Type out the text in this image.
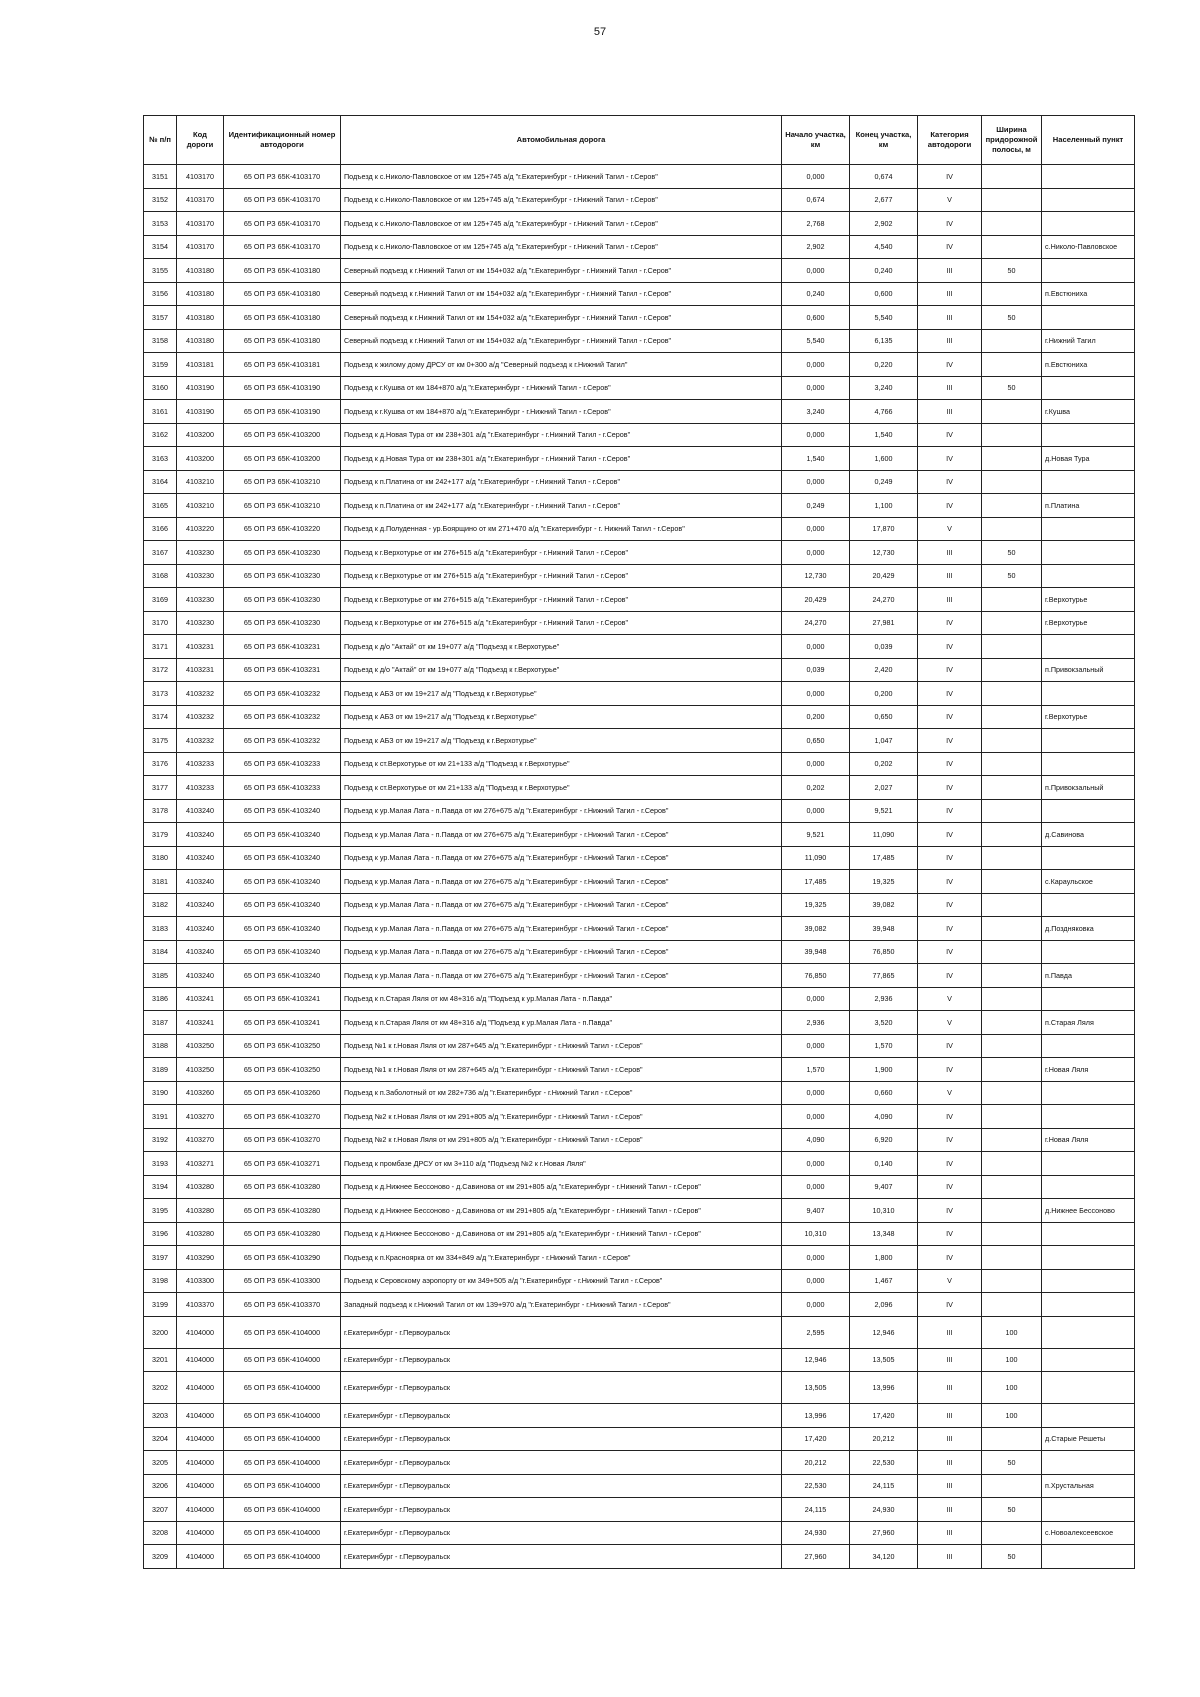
57
№ п/п	Код дороги	Идентификационный номер автодороги	Автомобильная дорога	Начало участка, км	Конец участка, км	Категория автодороги	Ширина придорожной полосы, м	Населенный пункт
3151	4103170	65 ОП РЗ 65К-4103170	Подъезд к с.Николо-Павловское от км 125+745 а/д "г.Екатеринбург - г.Нижний Тагил - г.Серов"	0,000	0,674	IV		
3152	4103170	65 ОП РЗ 65К-4103170	Подъезд к с.Николо-Павловское от км 125+745 а/д "г.Екатеринбург - г.Нижний Тагил - г.Серов"	0,674	2,677	V		
3153	4103170	65 ОП РЗ 65К-4103170	Подъезд к с.Николо-Павловское от км 125+745 а/д "г.Екатеринбург - г.Нижний Тагил - г.Серов"	2,768	2,902	IV		
3154	4103170	65 ОП РЗ 65К-4103170	Подъезд к с.Николо-Павловское от км 125+745 а/д "г.Екатеринбург - г.Нижний Тагил - г.Серов"	2,902	4,540	IV		с.Николо-Павловское
3155	4103180	65 ОП РЗ 65К-4103180	Северный подъезд к г.Нижний Тагил от км 154+032 а/д "г.Екатеринбург - г.Нижний Тагил - г.Серов"	0,000	0,240	III	50	
3156	4103180	65 ОП РЗ 65К-4103180	Северный подъезд к г.Нижний Тагил от км 154+032 а/д "г.Екатеринбург - г.Нижний Тагил - г.Серов"	0,240	0,600	III		п.Евстюниха
3157	4103180	65 ОП РЗ 65К-4103180	Северный подъезд к г.Нижний Тагил от км 154+032 а/д "г.Екатеринбург - г.Нижний Тагил - г.Серов"	0,600	5,540	III	50	
3158	4103180	65 ОП РЗ 65К-4103180	Северный подъезд к г.Нижний Тагил от км 154+032 а/д "г.Екатеринбург - г.Нижний Тагил - г.Серов"	5,540	6,135	III		г.Нижний Тагил
3159	4103181	65 ОП РЗ 65К-4103181	Подъезд к жилому дому ДРСУ от км 0+300 а/д "Северный подъезд к г.Нижний Тагил"	0,000	0,220	IV		п.Евстюниха
3160	4103190	65 ОП РЗ 65К-4103190	Подъезд к г.Кушва от км 184+870 а/д "г.Екатеринбург - г.Нижний Тагил - г.Серов"	0,000	3,240	III	50	
3161	4103190	65 ОП РЗ 65К-4103190	Подъезд к г.Кушва от км 184+870 а/д "г.Екатеринбург - г.Нижний Тагил - г.Серов"	3,240	4,766	III		г.Кушва
3162	4103200	65 ОП РЗ 65К-4103200	Подъезд к д.Новая Тура от км 238+301 а/д "г.Екатеринбург - г.Нижний Тагил - г.Серов"	0,000	1,540	IV		
3163	4103200	65 ОП РЗ 65К-4103200	Подъезд к д.Новая Тура от км 238+301 а/д "г.Екатеринбург - г.Нижний Тагил - г.Серов"	1,540	1,600	IV		д.Новая Тура
3164	4103210	65 ОП РЗ 65К-4103210	Подъезд к п.Платина от км 242+177 а/д "г.Екатеринбург - г.Нижний Тагил - г.Серов"	0,000	0,249	IV		
3165	4103210	65 ОП РЗ 65К-4103210	Подъезд к п.Платина от км 242+177 а/д "г.Екатеринбург - г.Нижний Тагил - г.Серов"	0,249	1,100	IV		п.Платина
3166	4103220	65 ОП РЗ 65К-4103220	Подъезд к д.Полуденная - ур.Боярщино от км 271+470 а/д "г.Екатеринбург - г. Нижний Тагил - г.Серов"	0,000	17,870	V		
3167	4103230	65 ОП РЗ 65К-4103230	Подъезд к г.Верхотурье от км 276+515 а/д "г.Екатеринбург - г.Нижний Тагил - г.Серов"	0,000	12,730	III	50	
3168	4103230	65 ОП РЗ 65К-4103230	Подъезд к г.Верхотурье от км 276+515 а/д "г.Екатеринбург - г.Нижний Тагил - г.Серов"	12,730	20,429	III	50	
3169	4103230	65 ОП РЗ 65К-4103230	Подъезд к г.Верхотурье от км 276+515 а/д "г.Екатеринбург - г.Нижний Тагил - г.Серов"	20,429	24,270	III		г.Верхотурье
3170	4103230	65 ОП РЗ 65К-4103230	Подъезд к г.Верхотурье от км 276+515 а/д "г.Екатеринбург - г.Нижний Тагил - г.Серов"	24,270	27,981	IV		г.Верхотурье
3171	4103231	65 ОП РЗ 65К-4103231	Подъезд к д/о "Актай" от км 19+077 а/д "Подъезд к г.Верхотурье"	0,000	0,039	IV		
3172	4103231	65 ОП РЗ 65К-4103231	Подъезд к д/о "Актай" от км 19+077 а/д "Подъезд к г.Верхотурье"	0,039	2,420	IV		п.Привокзальный
3173	4103232	65 ОП РЗ 65К-4103232	Подъезд к АБЗ от км 19+217 а/д "Подъезд к г.Верхотурье"	0,000	0,200	IV		
3174	4103232	65 ОП РЗ 65К-4103232	Подъезд к АБЗ от км 19+217 а/д "Подъезд к г.Верхотурье"	0,200	0,650	IV		г.Верхотурье
3175	4103232	65 ОП РЗ 65К-4103232	Подъезд к АБЗ от км 19+217 а/д "Подъезд к г.Верхотурье"	0,650	1,047	IV		
3176	4103233	65 ОП РЗ 65К-4103233	Подъезд к ст.Верхотурье от км 21+133 а/д "Подъезд к г.Верхотурье"	0,000	0,202	IV		
3177	4103233	65 ОП РЗ 65К-4103233	Подъезд к ст.Верхотурье от км 21+133 а/д "Подъезд к г.Верхотурье"	0,202	2,027	IV		п.Привокзальный
3178	4103240	65 ОП РЗ 65К-4103240	Подъезд к ур.Малая Лата - п.Павда от км 276+675 а/д "г.Екатеринбург - г.Нижний Тагил - г.Серов"	0,000	9,521	IV		
3179	4103240	65 ОП РЗ 65К-4103240	Подъезд к ур.Малая Лата - п.Павда от км 276+675 а/д "г.Екатеринбург - г.Нижний Тагил - г.Серов"	9,521	11,090	IV		д.Савинова
3180	4103240	65 ОП РЗ 65К-4103240	Подъезд к ур.Малая Лата - п.Павда от км 276+675 а/д "г.Екатеринбург - г.Нижний Тагил - г.Серов"	11,090	17,485	IV		
3181	4103240	65 ОП РЗ 65К-4103240	Подъезд к ур.Малая Лата - п.Павда от км 276+675 а/д "г.Екатеринбург - г.Нижний Тагил - г.Серов"	17,485	19,325	IV		с.Караульское
3182	4103240	65 ОП РЗ 65К-4103240	Подъезд к ур.Малая Лата - п.Павда от км 276+675 а/д "г.Екатеринбург - г.Нижний Тагил - г.Серов"	19,325	39,082	IV		
3183	4103240	65 ОП РЗ 65К-4103240	Подъезд к ур.Малая Лата - п.Павда от км 276+675 а/д "г.Екатеринбург - г.Нижний Тагил - г.Серов"	39,082	39,948	IV		д.Поздняковка
3184	4103240	65 ОП РЗ 65К-4103240	Подъезд к ур.Малая Лата - п.Павда от км 276+675 а/д "г.Екатеринбург - г.Нижний Тагил - г.Серов"	39,948	76,850	IV		
3185	4103240	65 ОП РЗ 65К-4103240	Подъезд к ур.Малая Лата - п.Павда от км 276+675 а/д "г.Екатеринбург - г.Нижний Тагил - г.Серов"	76,850	77,865	IV		п.Павда
3186	4103241	65 ОП РЗ 65К-4103241	Подъезд к п.Старая Ляля от км 48+316 а/д "Подъезд к ур.Малая Лата - п.Павда"	0,000	2,936	V		
3187	4103241	65 ОП РЗ 65К-4103241	Подъезд к п.Старая Ляля от км 48+316 а/д "Подъезд к ур.Малая Лата - п.Павда"	2,936	3,520	V		п.Старая Ляля
3188	4103250	65 ОП РЗ 65К-4103250	Подъезд №1 к г.Новая Ляля от км 287+645 а/д "г.Екатеринбург - г.Нижний Тагил - г.Серов"	0,000	1,570	IV		
3189	4103250	65 ОП РЗ 65К-4103250	Подъезд №1 к г.Новая Ляля от км 287+645 а/д "г.Екатеринбург - г.Нижний Тагил - г.Серов"	1,570	1,900	IV		г.Новая Ляля
3190	4103260	65 ОП РЗ 65К-4103260	Подъезд к п.Заболотный от км 282+736 а/д "г.Екатеринбург - г.Нижний Тагил - г.Серов"	0,000	0,660	V		
3191	4103270	65 ОП РЗ 65К-4103270	Подъезд №2 к г.Новая Ляля от км 291+805 а/д "г.Екатеринбург - г.Нижний Тагил - г.Серов"	0,000	4,090	IV		
3192	4103270	65 ОП РЗ 65К-4103270	Подъезд №2 к г.Новая Ляля от км 291+805 а/д "г.Екатеринбург - г.Нижний Тагил - г.Серов"	4,090	6,920	IV		г.Новая Ляля
3193	4103271	65 ОП РЗ 65К-4103271	Подъезд к промбазе ДРСУ от км 3+110 а/д "Подъезд №2 к г.Новая Ляля"	0,000	0,140	IV		
3194	4103280	65 ОП РЗ 65К-4103280	Подъезд к д.Нижнее Бессоново - д.Савинова от км 291+805 а/д "г.Екатеринбург - г.Нижний Тагил - г.Серов"	0,000	9,407	IV		
3195	4103280	65 ОП РЗ 65К-4103280	Подъезд к д.Нижнее Бессоново - д.Савинова от км 291+805 а/д "г.Екатеринбург - г.Нижний Тагил - г.Серов"	9,407	10,310	IV		д.Нижнее Бессоново
3196	4103280	65 ОП РЗ 65К-4103280	Подъезд к д.Нижнее Бессоново - д.Савинова от км 291+805 а/д "г.Екатеринбург - г.Нижний Тагил - г.Серов"	10,310	13,348	IV		
3197	4103290	65 ОП РЗ 65К-4103290	Подъезд к п.Красноярка от км 334+849 а/д "г.Екатеринбург - г.Нижний Тагил - г.Серов"	0,000	1,800	IV		
3198	4103300	65 ОП РЗ 65К-4103300	Подъезд к Серовскому аэропорту от км 349+505 а/д "г.Екатеринбург - г.Нижний Тагил - г.Серов"	0,000	1,467	V		
3199	4103370	65 ОП РЗ 65К-4103370	Западный подъезд к г.Нижний Тагил от км 139+970 а/д "г.Екатеринбург - г.Нижний Тагил - г.Серов"	0,000	2,096	IV		
3200	4104000	65 ОП РЗ 65К-4104000	г.Екатеринбург - г.Первоуральск	2,595	12,946	III	100	
3201	4104000	65 ОП РЗ 65К-4104000	г.Екатеринбург - г.Первоуральск	12,946	13,505	III	100	
3202	4104000	65 ОП РЗ 65К-4104000	г.Екатеринбург - г.Первоуральск	13,505	13,996	III	100	
3203	4104000	65 ОП РЗ 65К-4104000	г.Екатеринбург - г.Первоуральск	13,996	17,420	III	100	
3204	4104000	65 ОП РЗ 65К-4104000	г.Екатеринбург - г.Первоуральск	17,420	20,212	III		д.Старые Решеты
3205	4104000	65 ОП РЗ 65К-4104000	г.Екатеринбург - г.Первоуральск	20,212	22,530	III	50	
3206	4104000	65 ОП РЗ 65К-4104000	г.Екатеринбург - г.Первоуральск	22,530	24,115	III		п.Хрустальная
3207	4104000	65 ОП РЗ 65К-4104000	г.Екатеринбург - г.Первоуральск	24,115	24,930	III	50	
3208	4104000	65 ОП РЗ 65К-4104000	г.Екатеринбург - г.Первоуральск	24,930	27,960	III		с.Новоалексеевское
3209	4104000	65 ОП РЗ 65К-4104000	г.Екатеринбург - г.Первоуральск	27,960	34,120	III	50	
